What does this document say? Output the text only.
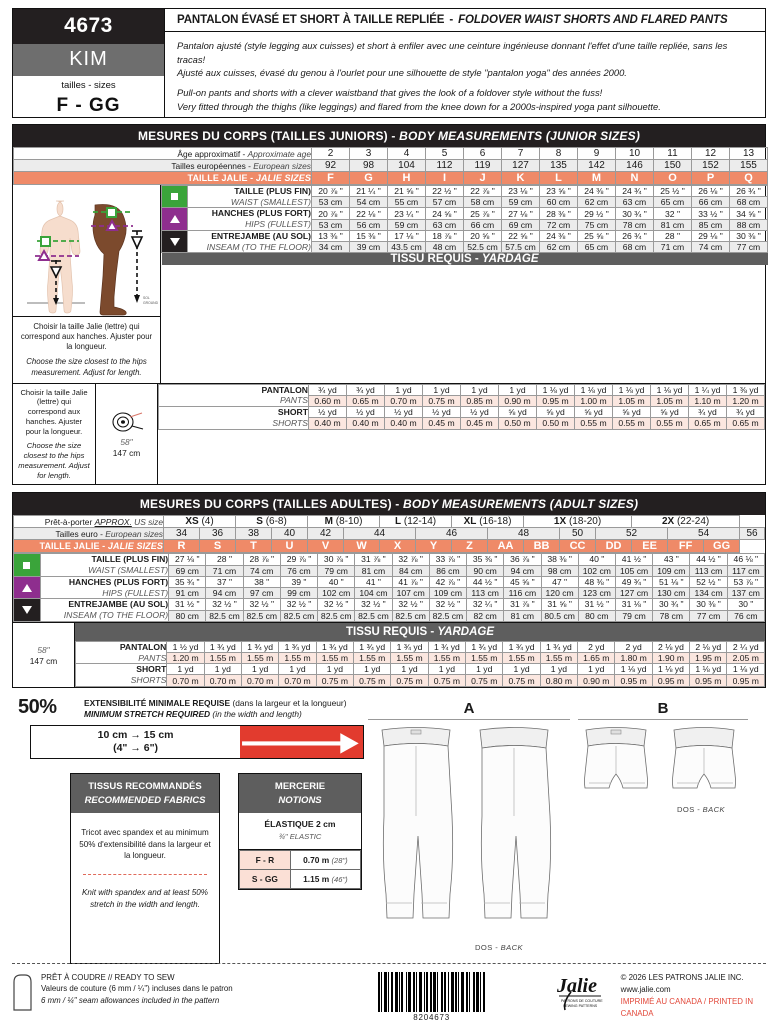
4673
KIM
tailles - sizes
F - GG
PANTALON ÉVASÉ ET SHORT À TAILLE REPLIÉE - FOLDOVER WAIST SHORTS AND FLARED PANTS

Pantalon ajusté (style legging aux cuisses) et short à enfiler avec une ceinture ingénieuse donnant l'effet d'une taille repliée, sans les tracas!

Ajusté aux cuisses, évasé du genou à l'ourlet pour une silhouette de style "pantalon yoga" des années 2000.

Pull-on pants and shorts with a clever waistband that gives the look of a foldover style without the fuss!

Very fitted through the thighs (like leggings) and flared from the knee down for a 2000s-inspired yoga pant silhouette.

MESURES DU CORPS (TAILLES JUNIORS) - BODY MEASUREMENTS (JUNIOR SIZES)
Âge approximatif - Approximate age	2	3	4	5	6	7	8	9	10	11	12	13
Tailles européennes - European sizes	92	98	104	112	119	127	135	142	146	150	152	155
TAILLE JALIE - JALIE SIZES	F	G	H	I	J	K	L	M	N	O	P	Q
SOL
GROUND
Choisir la taille Jalie (lettre) qui correspond aux hanches. Ajuster pour la longueur.
Choose the size closest to the hips measurement. Adjust for length.

	TAILLE (PLUS FIN)
WAIST (SMALLEST)	20 ⅞ "	21 ¼ "	21 ⅝ "	22 ½ "	22 ⅞ "	23 ⅛ "	23 ⅝ "	24 ⅜ "	24 ¾ "	25 ½ "	26 ⅛ "	26 ¾ "
		53 cm	54 cm	55 cm	57 cm	58 cm	59 cm	60 cm	62 cm	63 cm	65 cm	66 cm	68 cm

	HANCHES (PLUS FORT)
HIPS (FULLEST)	20 ⅞ "	22 ⅛ "	23 ¼ "	24 ⅝ "	25 ⅞ "	27 ⅛ "	28 ⅜ "	29 ½ "	30 ¾ "	32 "	33 ½ "	34 ⅝ "
		53 cm	56 cm	59 cm	63 cm	66 cm	69 cm	72 cm	75 cm	78 cm	81 cm	85 cm	88 cm

	ENTREJAMBE (AU SOL)
INSEAM (TO THE FLOOR)	13 ⅜ "	15 ⅜ "	17 ⅛ "	18 ⅞ "	20 ⅝ "	22 ⅝ "	24 ⅜ "	25 ⅝ "	26 ¾ "	28 "	29 ⅛ "	30 ⅜ "
		34 cm	39 cm	43.5 cm	48 cm	52.5 cm	57.5 cm	62 cm	65 cm	68 cm	71 cm	74 cm	77 cm
TISSU REQUIS - YARDAGE													
Choisir la taille Jalie (lettre) qui correspond aux hanches. Ajuster pour la longueur.
Choose the size closest to the hips measurement. Adjust for length.
58"
147 cm
PANTALON
PANTS	¾ yd	¾ yd	1 yd	1 yd	1 yd	1 yd	1 ⅛ yd	1 ⅛ yd	1 ⅛ yd	1 ⅛ yd	1 ¼ yd	1 ⅜ yd
	0.60 m	0.65 m	0.70 m	0.75 m	0.85 m	0.90 m	0.95 m	1.00 m	1.05 m	1.05 m	1.10 m	1.20 m

SHORT
SHORTS	½ yd	½ yd	½ yd	½ yd	½ yd	⅝ yd	⅝ yd	⅝ yd	⅝ yd	⅝ yd	¾ yd	¾ yd
	0.40 m	0.40 m	0.40 m	0.45 m	0.45 m	0.50 m	0.50 m	0.55 m	0.55 m	0.55 m	0.65 m	0.65 m
MESURES DU CORPS (TAILLES ADULTES) - BODY MEASUREMENTS (ADULT SIZES)
Prêt-à-porter APPROX. US size	XS (4)		S (6-8)		M (8-10)		L (12-14)		XL (16-18)		1X (18-20)			2X (22-24)			
Tailles euro - European sizes	34	36	38	40	42	44		46		48		50	52		54		56
TAILLE JALIE - JALIE SIZES	R	S	T	U	V	W	X	Y	Z	AA	BB	CC	DD	EE	FF	GG	

	TAILLE (PLUS FIN)
WAIST (SMALLEST)	27 ⅛ "	28 "	28 ⅞ "	29 ⅞ "	30 ⅞ "	31 ⅞ "	32 ⅞ "	33 ⅞ "	35 ⅜ "	36 ⅞ "	38 ⅜ "	40 "	41 ½ "	43 "	44 ½ "	46 ⅛ "
		69 cm	71 cm	74 cm	76 cm	79 cm	81 cm	84 cm	86 cm	90 cm	94 cm	98 cm	102 cm	105 cm	109 cm	113 cm	117 cm

	HANCHES (PLUS FORT)
HIPS (FULLEST)	35 ¾ "	37 "	38 "	39 "	40 "	41 "	41 ⅞ "	42 ⅞ "	44 ½ "	45 ⅝ "	47 "	48 ⅜ "	49 ¾ "	51 ⅛ "	52 ½ "	53 ⅞ "
		91 cm	94 cm	97 cm	99 cm	102 cm	104 cm	107 cm	109 cm	113 cm	116 cm	120 cm	123 cm	127 cm	130 cm	134 cm	137 cm

	ENTREJAMBE (AU SOL)
INSEAM (TO THE FLOOR)	31 ½ "	32 ½ "	32 ½ "	32 ½ "	32 ½ "	32 ½ "	32 ½ "	32 ½ "	32 ¼ "	31 ⅞ "	31 ⅝ "	31 ½ "	31 ⅛ "	30 ¾ "	30 ⅜ "	30 "
		80 cm	82.5 cm	82.5 cm	82.5 cm	82.5 cm	82.5 cm	82.5 cm	82.5 cm	82 cm	81 cm	80.5 cm	80 cm	79 cm	78 cm	77 cm	76 cm
58"
147 cm
TISSU REQUIS - YARDAGE
PANTALON
PANTS	1 ½ yd	1 ¾ yd	1 ¾ yd	1 ¾ yd	1 ¾ yd	1 ¾ yd	1 ¾ yd	1 ¾ yd	1 ¾ yd	1 ¾ yd	1 ¾ yd	2 yd	2 yd	2 ⅛ yd	2 ⅛ yd	2 ¼ yd
	1.20 m	1.55 m	1.55 m	1.55 m	1.55 m	1.55 m	1.55 m	1.55 m	1.55 m	1.55 m	1.55 m	1.65 m	1.80 m	1.90 m	1.95 m	2.05 m

SHORT
SHORTS	1 yd	1 yd	1 yd	1 yd	1 yd	1 yd	1 yd	1 yd	1 yd	1 yd	1 yd	1 yd	1 ⅛ yd	1 ⅛ yd	1 ⅛ yd	1 ⅛ yd
	0.70 m	0.70 m	0.70 m	0.70 m	0.75 m	0.75 m	0.75 m	0.75 m	0.75 m	0.75 m	0.80 m	0.90 m	0.95 m	0.95 m	0.95 m	0.95 m
50%	EXTENSIBILITÉ MINIMALE REQUISE (dans la largeur et la longueur)
MINIMUM STRETCH REQUIRED (in the width and length)
10 cm → 15 cm
(4" → 6")
TISSUS RECOMMANDÉS
RECOMMENDED FABRICS
Tricot avec spandex et au minimum 50% d'extensibilité dans la largeur et la longueur.
Knit with spandex and at least 50% stretch in the width and length.
MERCERIE
NOTIONS
ÉLASTIQUE 2 cm
¾" ELASTIC
F - R	0.70 m (28")
S - GG	1.15 m (46")
A
DOS - BACK
B
DOS - BACK
PRÊT À COUDRE // READY TO SEW
Valeurs de couture (6 mm / ¼") incluses dans le patron
6 mm / ¼" seam allowances included in the pattern
8204673
Jalie
PATRONS DE COUTURE
SEWING PATTERNS
© 2026 LES PATRONS JALIE INC.
www.jalie.com
IMPRIMÉ AU CANADA / PRINTED IN CANADA
